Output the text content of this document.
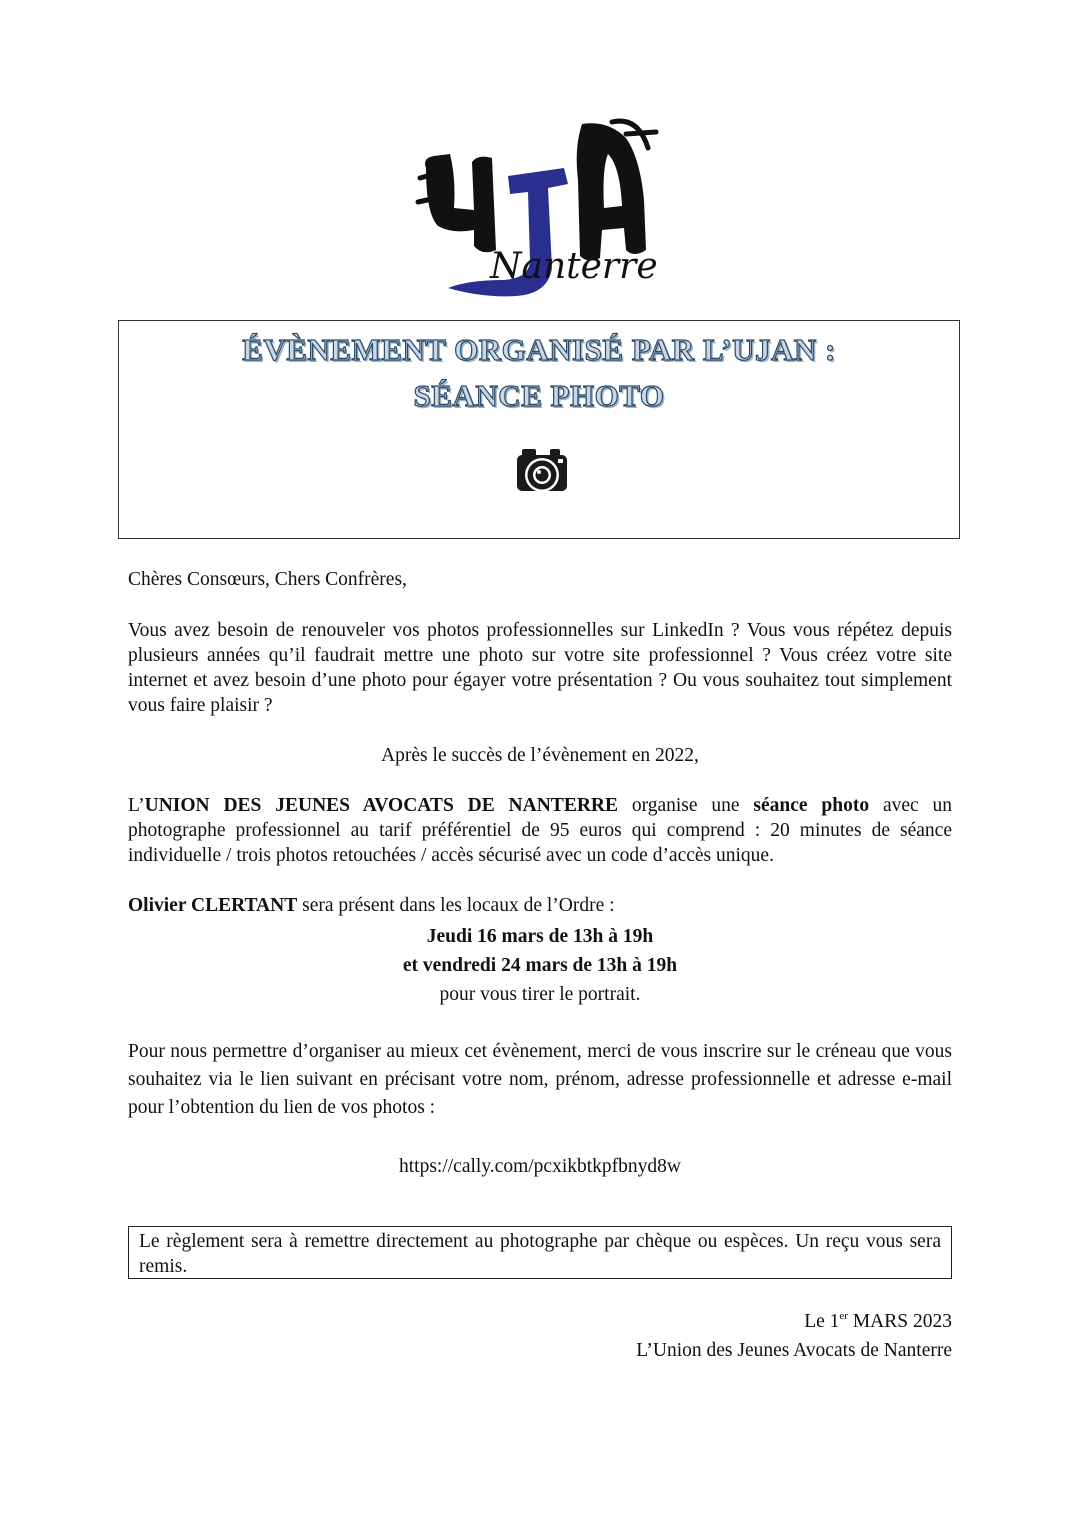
Nanterre
ÉVÈNEMENT ORGANISÉ PAR L’UJAN :
SÉANCE PHOTO
Chères Consœurs, Chers Confrères,
Vous avez besoin de renouveler vos photos professionnelles sur LinkedIn ? Vous vous répétez depuis plusieurs années qu’il faudrait mettre une photo sur votre site professionnel ? Vous créez votre site internet et avez besoin d’une photo pour égayer votre présentation ? Ou vous souhaitez tout simplement vous faire plaisir ?
Après le succès de l’évènement en 2022,
L’UNION DES JEUNES AVOCATS DE NANTERRE organise une séance photo avec un photographe professionnel au tarif préférentiel de 95 euros qui comprend : 20 minutes de séance individuelle / trois photos retouchées / accès sécurisé avec un code d’accès unique.
Olivier CLERTANT sera présent dans les locaux de l’Ordre :
Jeudi 16 mars de 13h à 19h
et vendredi 24 mars de 13h à 19h
pour vous tirer le portrait.
Pour nous permettre d’organiser au mieux cet évènement, merci de vous inscrire sur le créneau que vous souhaitez via le lien suivant en précisant votre nom, prénom, adresse professionnelle et adresse e-mail pour l’obtention du lien de vos photos :
https://cally.com/pcxikbtkpfbnyd8w
Le règlement sera à remettre directement au photographe par chèque ou espèces. Un reçu vous sera remis.
Le 1er MARS 2023
L’Union des Jeunes Avocats de Nanterre
